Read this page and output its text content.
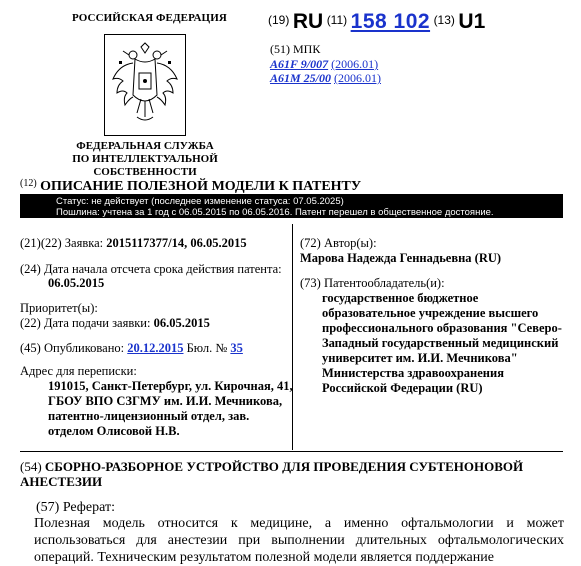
РОССИЙСКАЯ ФЕДЕРАЦИЯ
ФЕДЕРАЛЬНАЯ СЛУЖБА
ПО ИНТЕЛЛЕКТУАЛЬНОЙ СОБСТВЕННОСТИ
(19) RU (11) 158 102 (13) U1
(51) МПК
A61F 9/007 (2006.01)
A61M 25/00 (2006.01)
$^{(12)}$ ОПИСАНИЕ ПОЛЕЗНОЙ МОДЕЛИ К ПАТЕНТУ
Статус: не действует (последнее изменение статуса: 07.05.2025)
Пошлина: учтена за 1 год с 06.05.2015 по 06.05.2016. Патент перешел в общественное достояние.
(21)(22) Заявка: 2015117377/14, 06.05.2015
(24) Дата начала отсчета срока действия патента:
06.05.2015
Приоритет(ы):
(22) Дата подачи заявки: 06.05.2015
(45) Опубликовано: 20.12.2015 Бюл. № 35
Адрес для переписки:
191015, Санкт-Петербург, ул. Кирочная, 41,
ГБОУ ВПО СЗГМУ им. И.И. Мечникова,
патентно-лицензионный отдел, зав.
отделом Олисовой Н.В.
(72) Автор(ы):
Марова Надежда Геннадьевна (RU)
(73) Патентообладатель(и):
государственное бюджетное
образовательное учреждение высшего
профессионального образования "Северо-
Западный государственный медицинский
университет им. И.И. Мечникова"
Министерства здравоохранения
Российской Федерации (RU)
(54) СБОРНО-РАЗБОРНОЕ УСТРОЙСТВО ДЛЯ ПРОВЕДЕНИЯ СУБТЕНОНОВОЙ АНЕСТЕЗИИ
(57) Реферат:
Полезная модель относится к медицине, а именно офтальмологии и может использоваться для анестезии при выполнении длительных офтальмологических операций. Техническим результатом полезной модели является поддержание
